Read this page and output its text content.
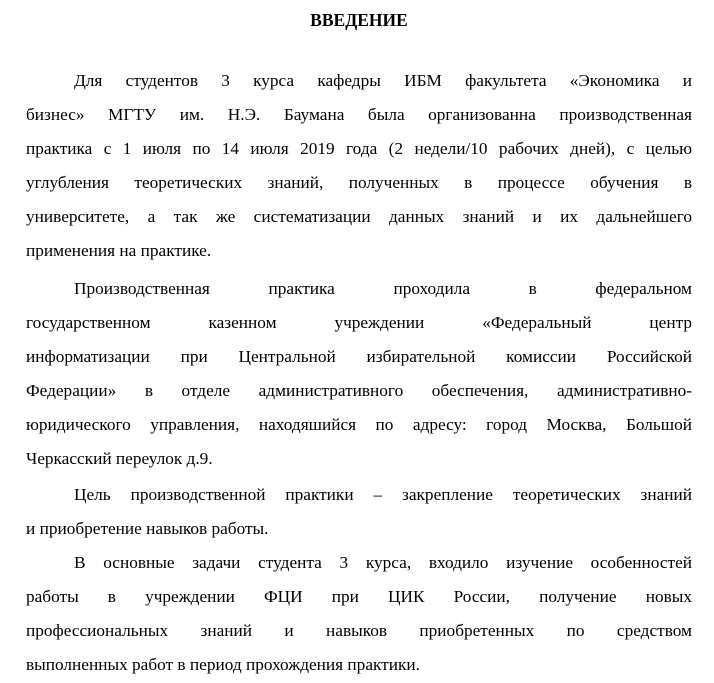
ВВЕДЕНИЕ
Для студентов 3 курса кафедры ИБМ факультета «Экономика и
бизнес» МГТУ им. Н.Э. Баумана была организованна производственная
практика с 1 июля по 14 июля 2019 года (2 недели/10 рабочих дней), с целью
углубления теоретических знаний, полученных в процессе обучения в
университете, а так же систематизации данных знаний и их дальнейшего
применения на практике.
Производственная практика проходила в федеральном
государственном казенном учреждении «Федеральный центр
информатизации при Центральной избирательной комиссии Российской
Федерации» в отделе административного обеспечения, административно-
юридического управления, находяшийся по адресу: город Москва, Большой
Черкасский переулок д.9.
Цель производственной практики – закрепление теоретических знаний
и приобретение навыков работы.
В основные задачи студента 3 курса, входило изучение особенностей
работы в учреждении ФЦИ при ЦИК России, получение новых
профессиональных знаний и навыков приобретенных по средством
выполненных работ в период прохождения практики.
